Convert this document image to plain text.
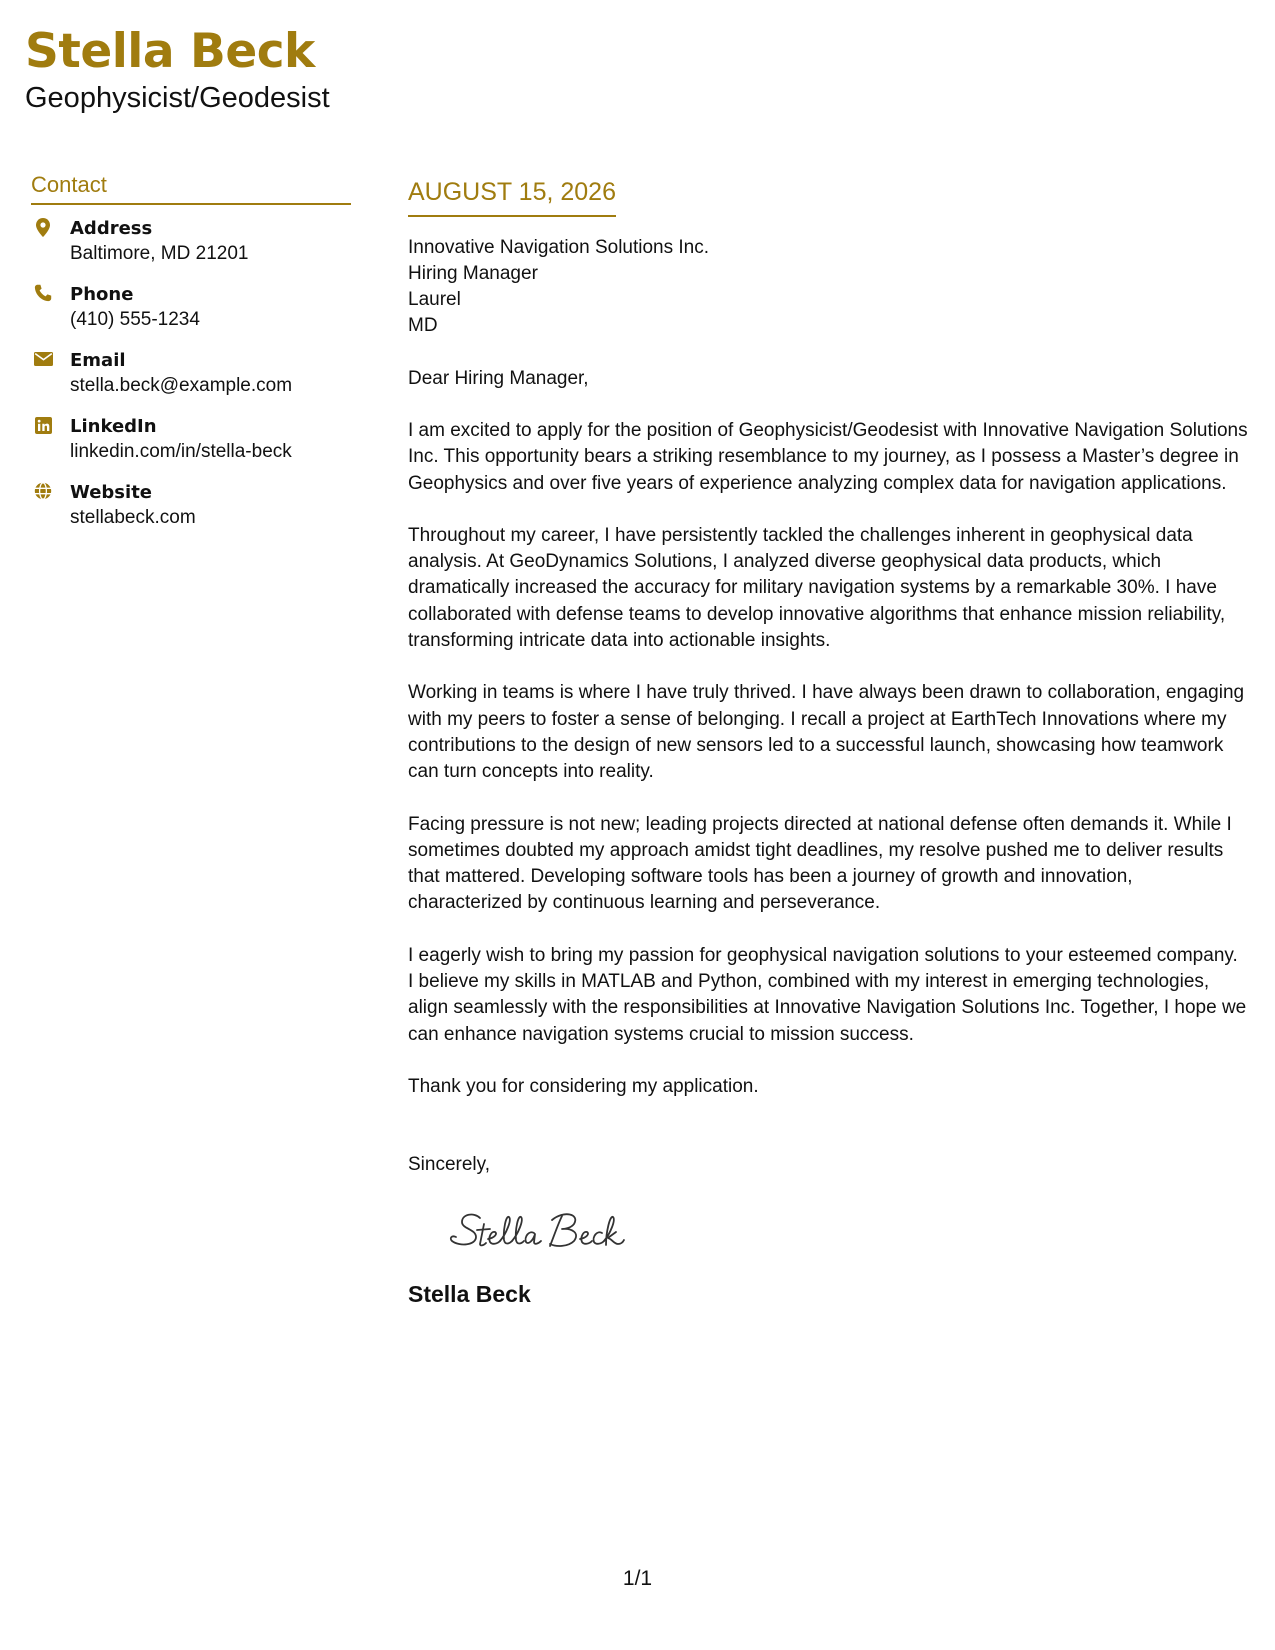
Stella Beck
Geophysicist/Geodesist
Contact
Address
Baltimore, MD 21201
Phone
(410) 555-1234
Email
stella.beck@example.com
LinkedIn
linkedin.com/in/stella-beck
Website
stellabeck.com
AUGUST 15, 2026
Innovative Navigation Solutions Inc.
Hiring Manager
Laurel
MD
Dear Hiring Manager,

I am excited to apply for the position of Geophysicist/Geodesist with Innovative Navigation Solutions Inc. This opportunity bears a striking resemblance to my journey, as I possess a Master’s degree in Geophysics and over five years of experience analyzing complex data for navigation applications.

Throughout my career, I have persistently tackled the challenges inherent in geophysical data analysis. At GeoDynamics Solutions, I analyzed diverse geophysical data products, which dramatically increased the accuracy for military navigation systems by a remarkable 30%. I have collaborated with defense teams to develop innovative algorithms that enhance mission reliability, transforming intricate data into actionable insights.

Working in teams is where I have truly thrived. I have always been drawn to collaboration, engaging with my peers to foster a sense of belonging. I recall a project at EarthTech Innovations where my contributions to the design of new sensors led to a successful launch, showcasing how teamwork can turn concepts into reality.

Facing pressure is not new; leading projects directed at national defense often demands it. While I sometimes doubted my approach amidst tight deadlines, my resolve pushed me to deliver results that mattered. Developing software tools has been a journey of growth and innovation, characterized by continuous learning and perseverance.

I eagerly wish to bring my passion for geophysical navigation solutions to your esteemed company. I believe my skills in MATLAB and Python, combined with my interest in emerging technologies, align seamlessly with the responsibilities at Innovative Navigation Solutions Inc. Together, I hope we can enhance navigation systems crucial to mission success.

Thank you for considering my application.

Sincerely,
Stella Beck
1/1
